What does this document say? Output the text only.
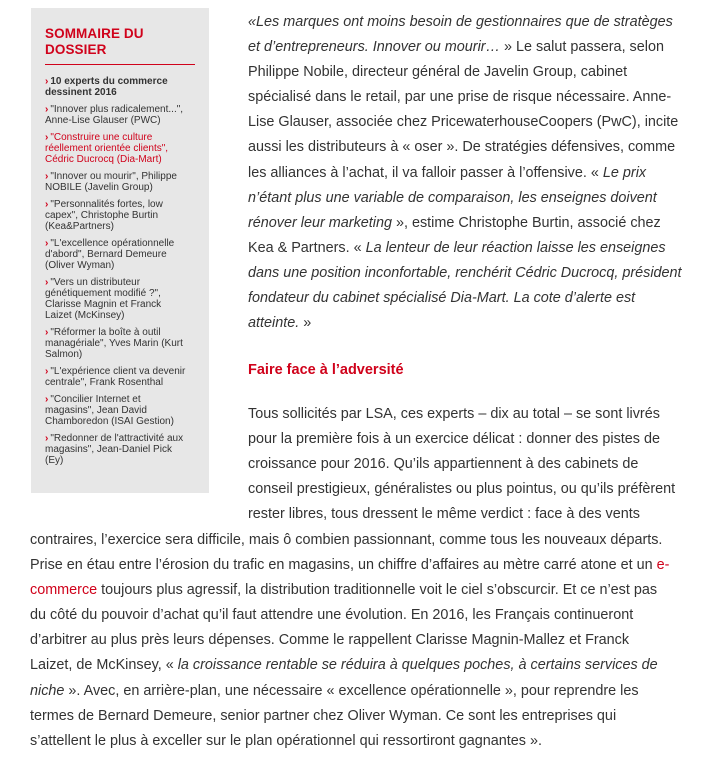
SOMMAIRE DU
DOSSIER
› 10 experts du commerce
dessinent 2016
› "Innover plus radicalement...",
Anne-Lise Glauser (PWC)
› "Construire une culture
réellement orientée clients",
Cédric Ducrocq (Dia-Mart)
› "Innover ou mourir", Philippe
NOBILE (Javelin Group)
› "Personnalités fortes, low
capex", Christophe Burtin
(Kea&Partners)
› "L'excellence opérationnelle
d'abord", Bernard Demeure
(Oliver Wyman)
› "Vers un distributeur
génétiquement modifié ?",
Clarisse Magnin et Franck
Laizet (McKinsey)
› "Réformer la boîte à outil
managériale", Yves Marin (Kurt
Salmon)
› "L'expérience client va devenir
centrale", Frank Rosenthal
› "Concilier Internet et
magasins", Jean David
Chamboredon (ISAI Gestion)
› "Redonner de l'attractivité aux
magasins", Jean-Daniel Pick
(Ey)
«Les marques ont moins besoin de gestionnaires que de stratèges
et d’entrepreneurs. Innover ou mourir… » Le salut passera, selon
Philippe Nobile, directeur général de Javelin Group, cabinet
spécialisé dans le retail, par une prise de risque nécessaire. Anne-
Lise Glauser, associée chez PricewaterhouseCoopers (PwC), incite
aussi les distributeurs à « oser ». De stratégies défensives, comme
les alliances à l’achat, il va falloir passer à l’offensive. « Le prix
n’étant plus une variable de comparaison, les enseignes doivent
rénover leur marketing », estime Christophe Burtin, associé chez
Kea & Partners. « La lenteur de leur réaction laisse les enseignes
dans une position inconfortable, renchérit Cédric Ducrocq, président
fondateur du cabinet spécialisé Dia-Mart. La cote d’alerte est
atteinte. »
Faire face à l’adversité
Tous sollicités par LSA, ces experts – dix au total – se sont livrés
pour la première fois à un exercice délicat : donner des pistes de
croissance pour 2016. Qu’ils appartiennent à des cabinets de
conseil prestigieux, généralistes ou plus pointus, ou qu’ils préfèrent
rester libres, tous dressent le même verdict : face à des vents
contraires, l’exercice sera difficile, mais ô combien passionnant, comme tous les nouveaux départs.
Prise en étau entre l’érosion du trafic en magasins, un chiffre d’affaires au mètre carré atone et un e-
commerce toujours plus agressif, la distribution traditionnelle voit le ciel s’obscurcir. Et ce n’est pas
du côté du pouvoir d’achat qu’il faut attendre une évolution. En 2016, les Français continueront
d’arbitrer au plus près leurs dépenses. Comme le rappellent Clarisse Magnin-Mallez et Franck
Laizet, de McKinsey, « la croissance rentable se réduira à quelques poches, à certains services de
niche ». Avec, en arrière-plan, une nécessaire « excellence opérationnelle », pour reprendre les
termes de Bernard Demeure, senior partner chez Oliver Wyman. Ce sont les entreprises qui
s’attellent le plus à exceller sur le plan opérationnel qui ressortiront gagnantes ».
